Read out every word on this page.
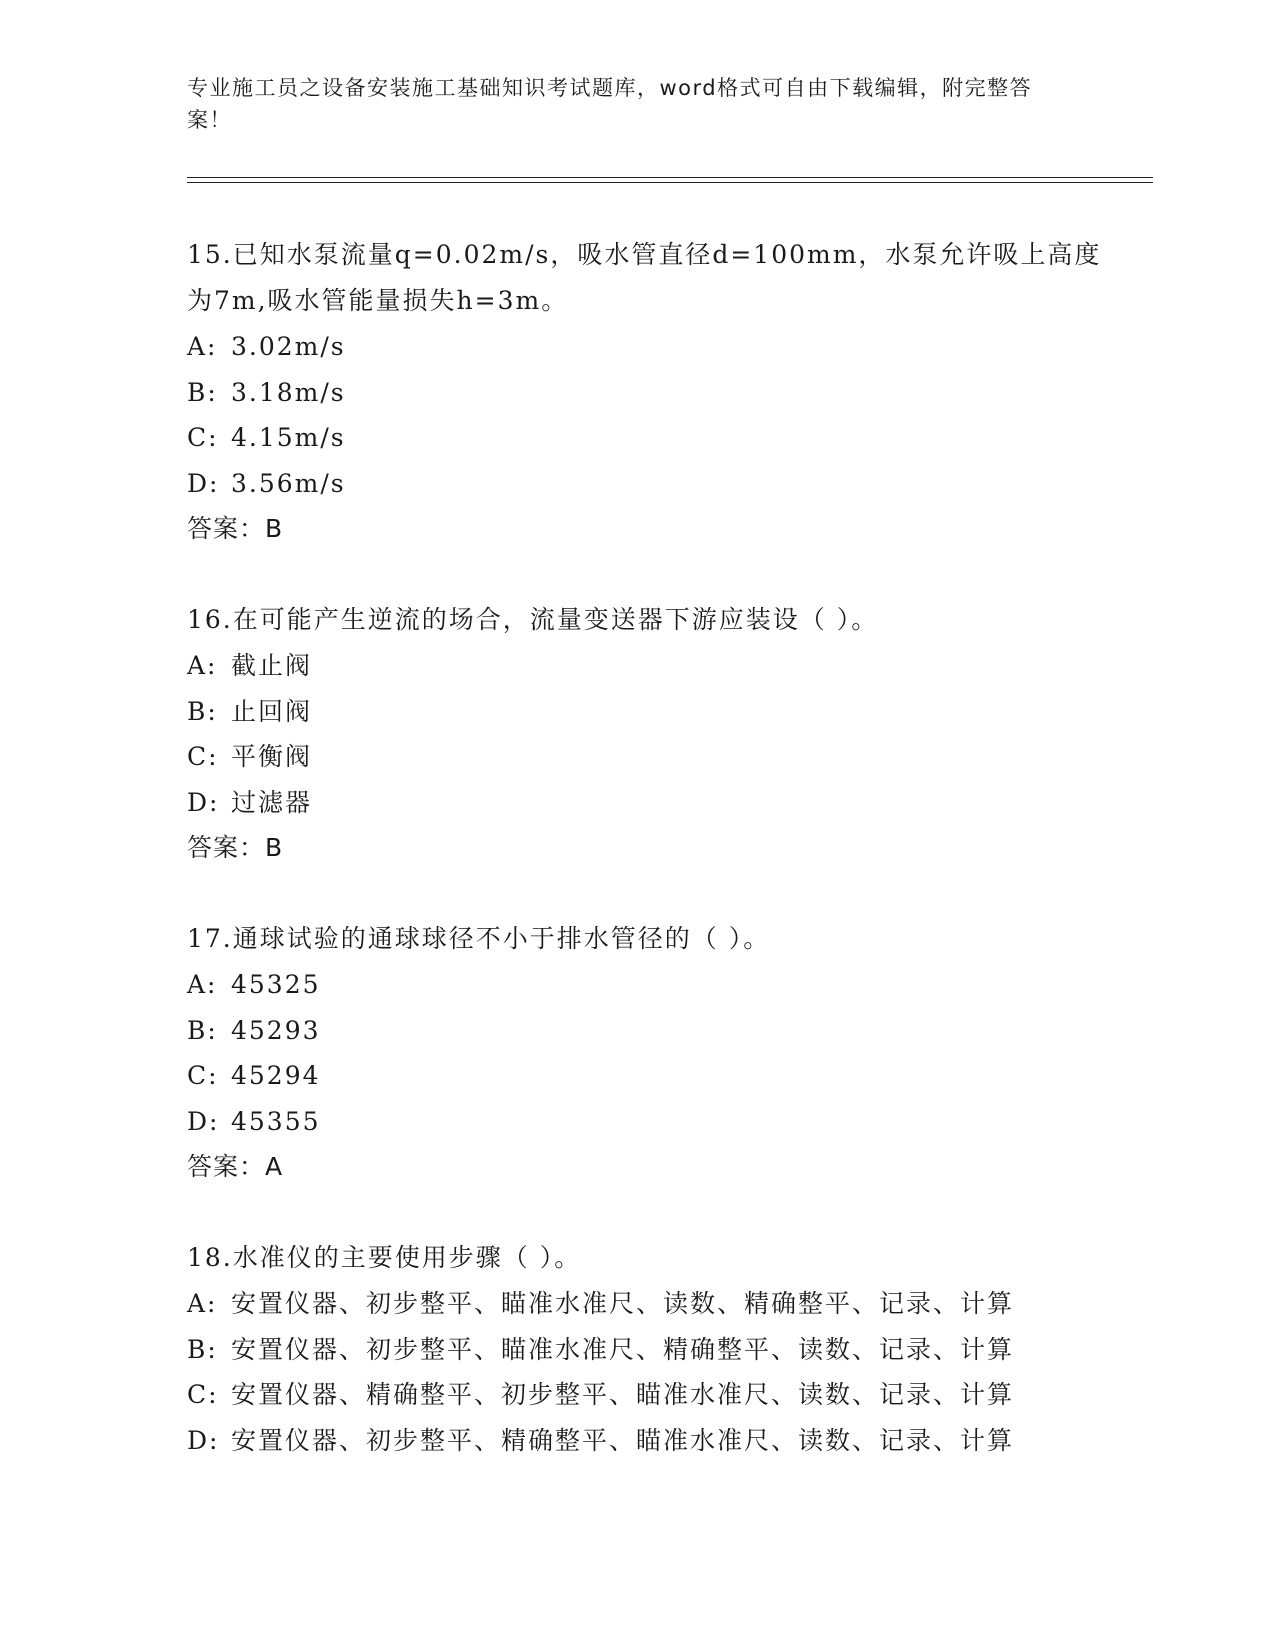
专业施工员之设备安装施工基础知识考试题库，word格式可自由下载编辑，附完整答案！

15.已知水泵流量q=0.02m/s，吸水管直径d=100mm，水泵允许吸上高度为7m,吸水管能量损失h=3m。

A: 3.02m/s

B: 3.18m/s

C: 4.15m/s

D: 3.56m/s

答案：B

16.在可能产生逆流的场合，流量变送器下游应装设（ ）。

A: 截止阀

B: 止回阀

C: 平衡阀

D: 过滤器

答案：B

17.通球试验的通球球径不小于排水管径的（ ）。

A: 45325

B: 45293

C: 45294

D: 45355

答案：A

18.水准仪的主要使用步骤（ ）。

A: 安置仪器、初步整平、瞄准水准尺、读数、精确整平、记录、计算

B: 安置仪器、初步整平、瞄准水准尺、精确整平、读数、记录、计算

C: 安置仪器、精确整平、初步整平、瞄准水准尺、读数、记录、计算

D: 安置仪器、初步整平、精确整平、瞄准水准尺、读数、记录、计算
